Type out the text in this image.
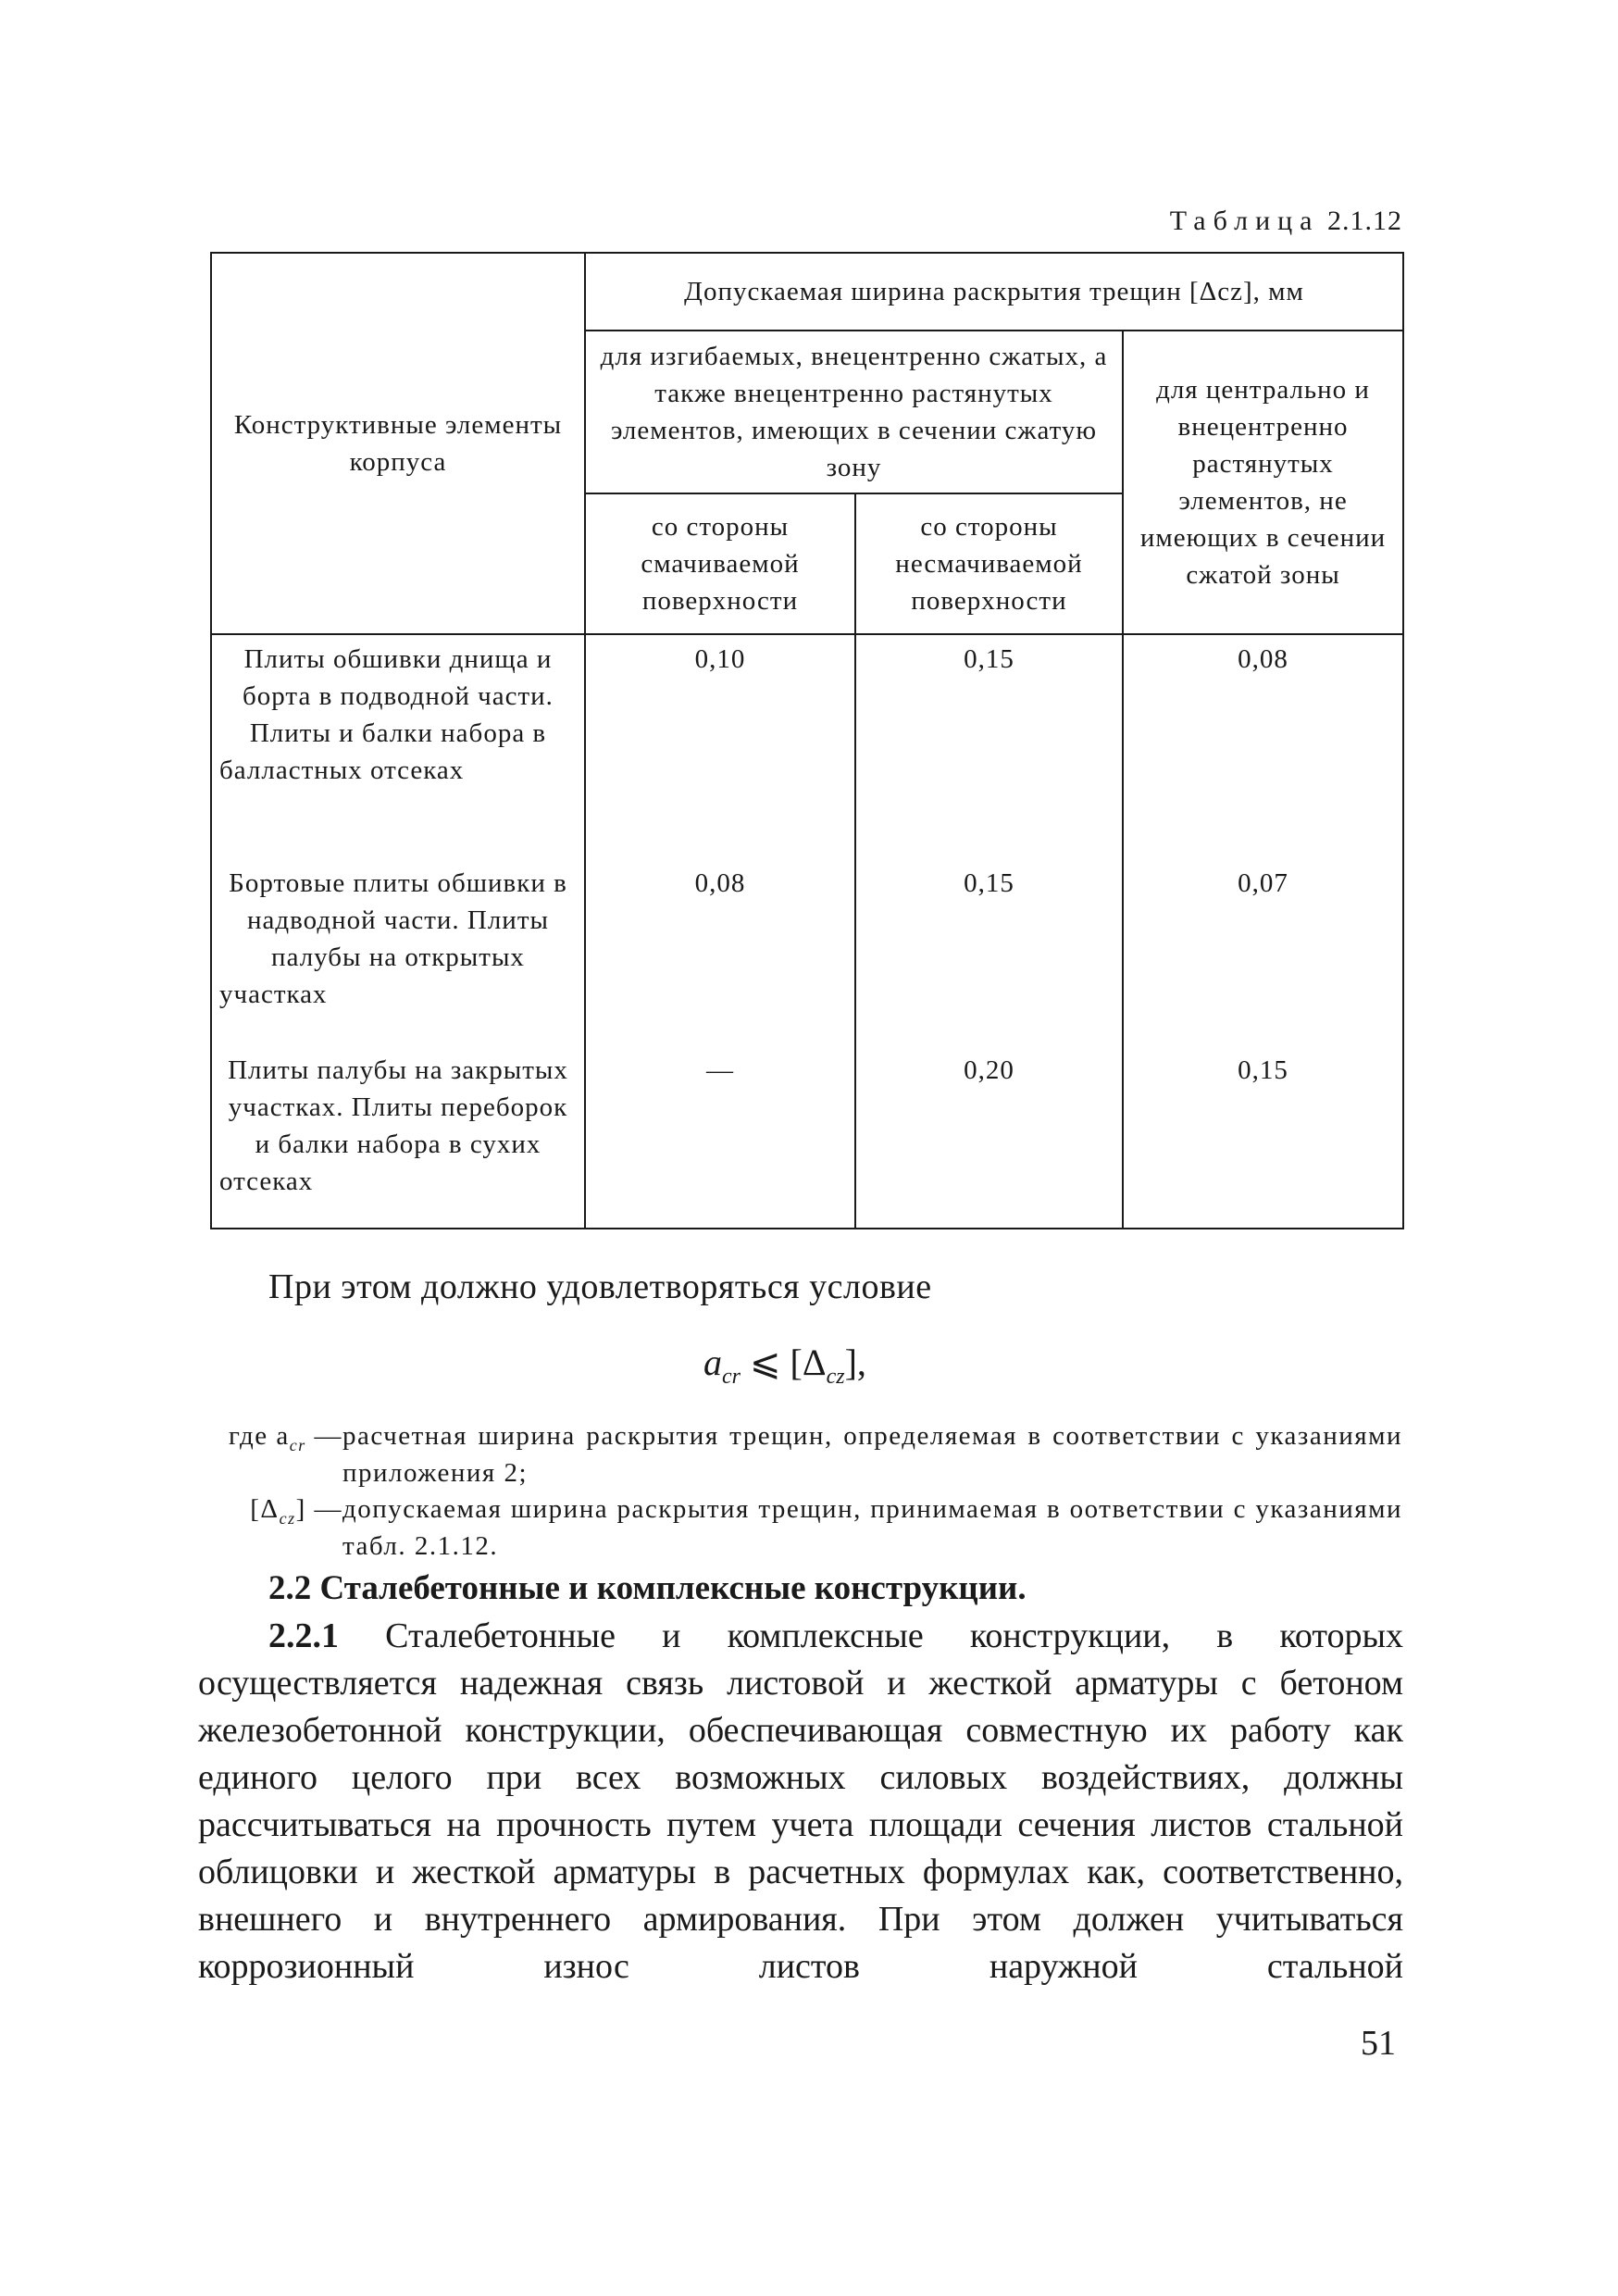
Таблица 2.1.12
Конструктивные элементы корпуса	Допускаемая ширина раскрытия трещин [Δcz], мм		
	для изгибаемых, внецентренно сжатых, а также внецентренно растянутых элементов, имеющих в сечении сжатую зону		для центрально и внецентренно растянутых элементов, не имеющих в сечении сжатой зоны
	со стороны смачиваемой поверхности	со стороны несмачиваемой поверхности	
Плиты обшивки днища и борта в подводной части. Плиты и балки набора в балластных отсеках	0,10	0,15	0,08
Бортовые плиты обшивки в надводной части. Плиты палубы на открытых участках	0,08	0,15	0,07
Плиты палубы на закрытых участках. Плиты переборок и балки набора в сухих отсеках	—	0,20	0,15
При этом должно удовлетворяться условие
$a_{cr}$ ⩽ $[\Delta_{cz}]$,
где $a_{cr}$ — расчетная ширина раскрытия трещин, определяемая в соответствии с указаниями приложения 2;
$[\Delta_{cz}]$ — допускаемая ширина раскрытия трещин, принимаемая в оответствии с указаниями табл. 2.1.12.
2.2 Сталебетонные и комплексные конструкции.
2.2.1 Сталебетонные и комплексные конструкции, в которых осуществляется надежная связь листовой и жесткой арматуры с бетоном железобетонной конструкции, обеспечивающая совместную их работу как единого целого при всех возможных силовых воздействиях, должны рассчитываться на прочность путем учета площади сечения листов стальной облицовки и жесткой арматуры в расчетных формулах как, соответственно, внешнего и внутреннего армирования. При этом должен учитываться коррозионный износ листов наружной стальной
51
